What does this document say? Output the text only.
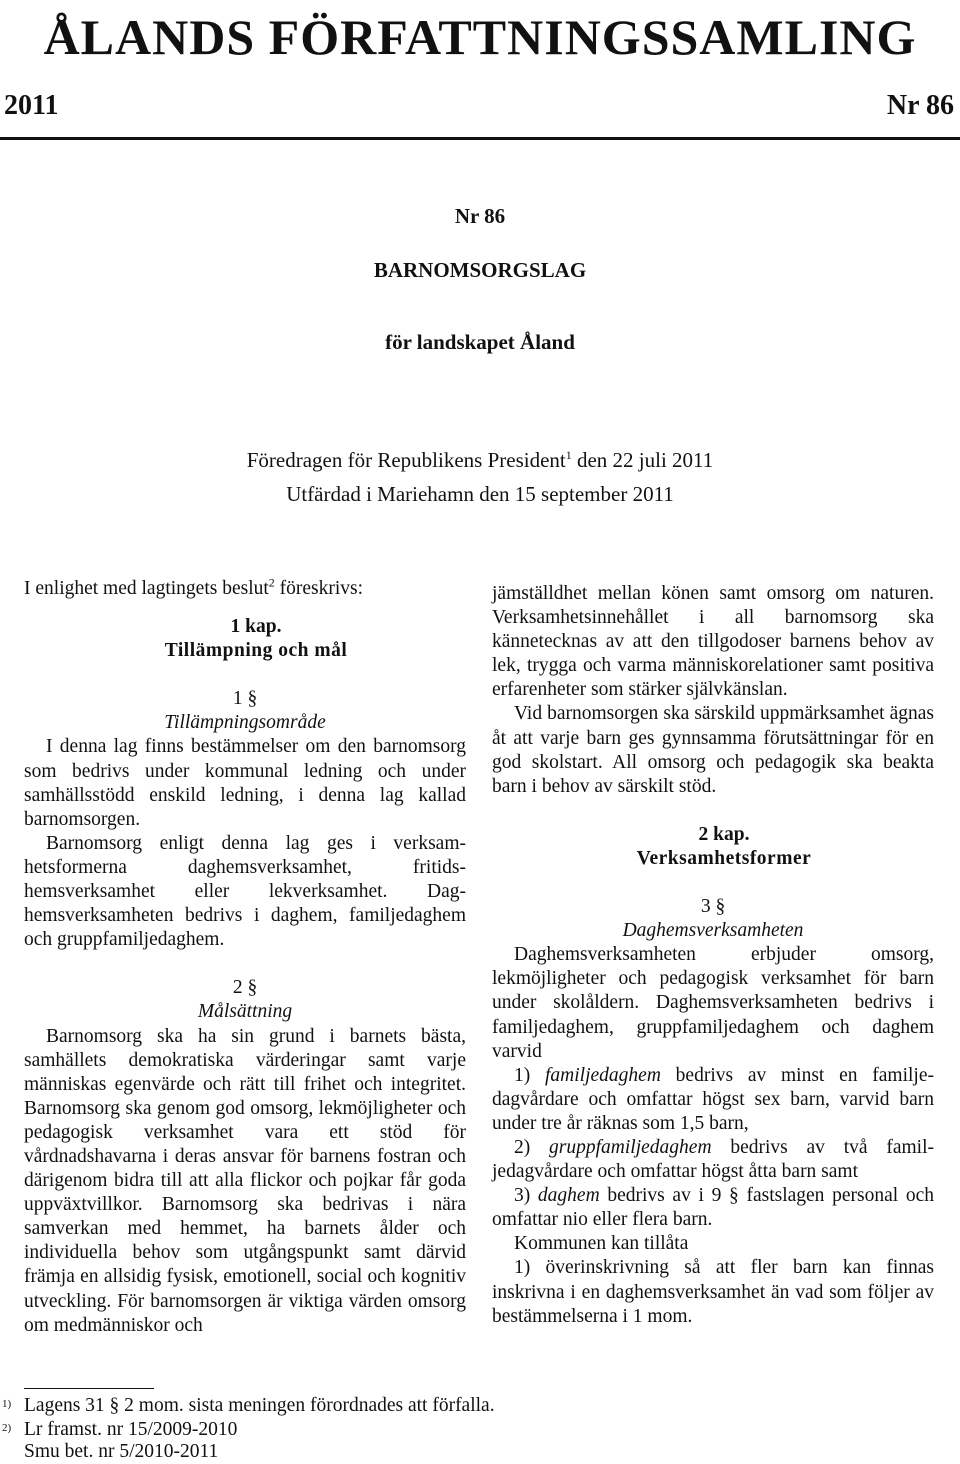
ÅLANDS FÖRFATTNINGSSAMLING
2011	Nr 86
Nr 86
BARNOMSORGSLAG
för landskapet Åland
Föredragen för Republikens President$^1$ den 22 juli 2011
Utfärdad i Mariehamn den 15 september 2011

I enlighet med lagtingets beslut$^2$ föreskrivs:

1 kap.

Tillämpning och mål

1 §

Tillämpningsområde

I denna lag finns bestämmelser om den barnomsorg som bedrivs under kommunal ledning och under samhällsstödd enskild ledning, i denna lag kallad barnomsorgen.

Barnomsorg enligt denna lag ges i verksamhetsformerna daghemsverksamhet, fritidshemsverksamhet eller lekverksamhet. Daghemsverksamheten bedrivs i daghem, familjedaghem och gruppfamiljedaghem.

2 §

Målsättning

Barnomsorg ska ha sin grund i barnets bästa, samhällets demokratiska värderingar samt varje människas egenvärde och rätt till frihet och integritet. Barnomsorg ska genom god omsorg, lekmöjligheter och pedagogisk verksamhet vara ett stöd för vårdnadshavarna i deras ansvar för barnens fostran och därigenom bidra till att alla flickor och pojkar får goda uppväxtvillkor. Barnomsorg ska bedrivas i nära samverkan med hemmet, ha barnets ålder och individuella behov som utgångspunkt samt därvid främja en allsidig fysisk, emotionell, social och kognitiv utveckling. För barnomsorgen är viktiga värden omsorg om medmänniskor och

jämställdhet mellan könen samt omsorg om naturen. Verksamhetsinnehållet i all barnomsorg ska kännetecknas av att den tillgodoser barnens behov av lek, trygga och varma människorelationer samt positiva erfarenheter som stärker självkänslan.

Vid barnomsorgen ska särskild uppmärksamhet ägnas åt att varje barn ges gynnsamma förutsättningar för en god skolstart. All omsorg och pedagogik ska beakta barn i behov av särskilt stöd.

2 kap.

Verksamhetsformer

3 §

Daghemsverksamheten

Daghemsverksamheten erbjuder omsorg, lekmöjligheter och pedagogisk verksamhet för barn under skolåldern. Daghemsverksamheten bedrivs i familjedaghem, gruppfamiljedaghem och daghem varvid

1) familjedaghem bedrivs av minst en familjedagvårdare och omfattar högst sex barn, varvid barn under tre år räknas som 1,5 barn,

2) gruppfamiljedaghem bedrivs av två familjedagvårdare och omfattar högst åtta barn samt

3) daghem bedrivs av i 9 § fastslagen personal och omfattar nio eller flera barn.

Kommunen kan tillåta

1) överinskrivning så att fler barn kan finnas inskrivna i en daghemsverksamhet än vad som följer av bestämmelserna i 1 mom.

$^{1)}$ Lagens 31 § 2 mom. sista meningen förordnades att förfalla.
$^{2)}$ Lr framst. nr 15/2009-2010
Smu bet. nr 5/2010-2011
